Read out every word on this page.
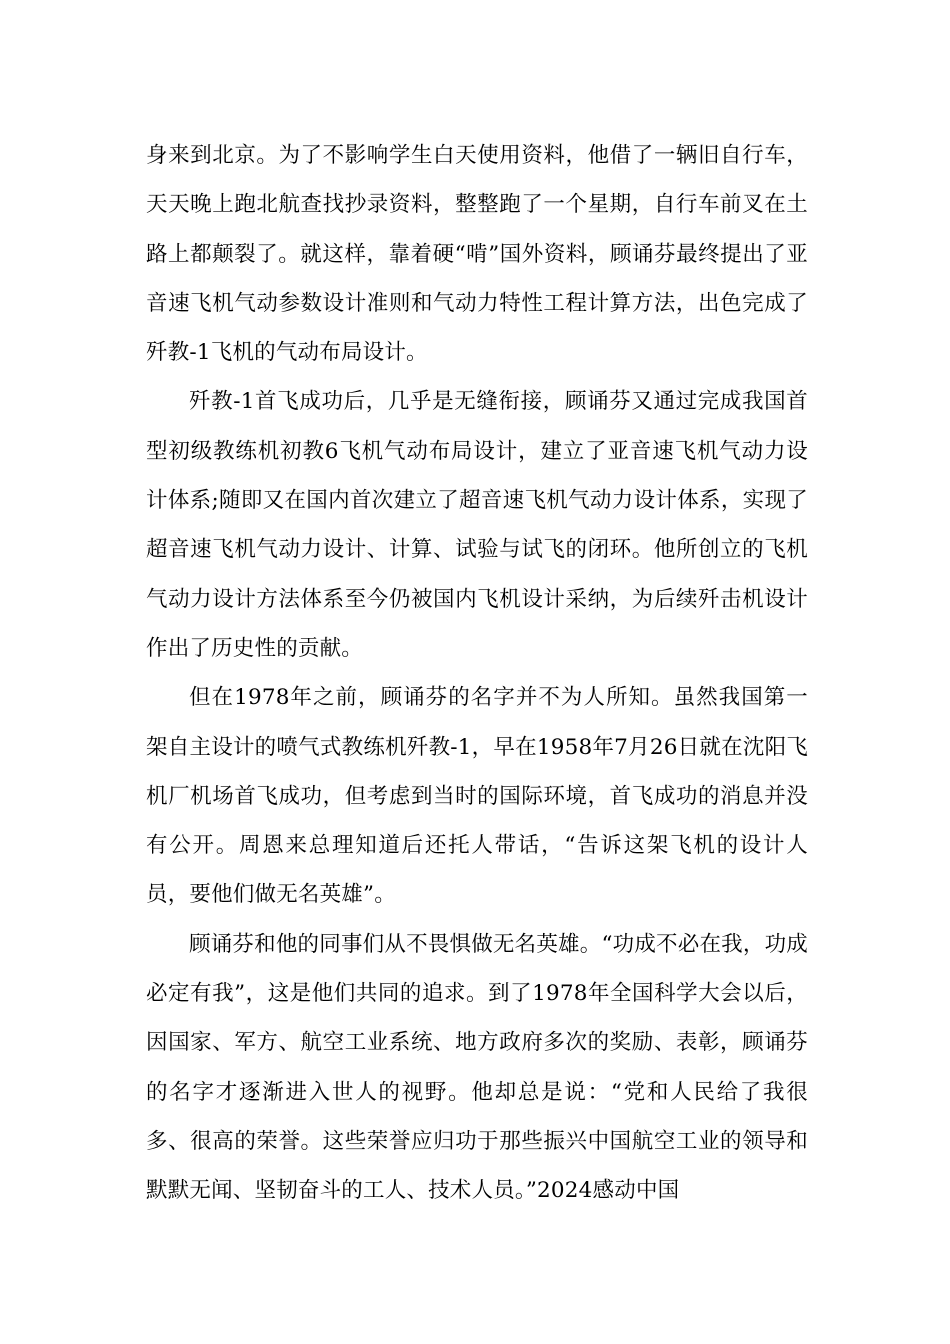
身来到北京。为了不影响学生白天使用资料，他借了一辆旧自行车，天天晚上跑北航查找抄录资料，整整跑了一个星期，自行车前叉在土路上都颠裂了。就这样，靠着硬“啃”国外资料，顾诵芬最终提出了亚音速飞机气动参数设计准则和气动力特性工程计算方法，出色完成了歼教-1飞机的气动布局设计。

歼教-1首飞成功后，几乎是无缝衔接，顾诵芬又通过完成我国首型初级教练机初教6飞机气动布局设计，建立了亚音速飞机气动力设计体系;随即又在国内首次建立了超音速飞机气动力设计体系，实现了超音速飞机气动力设计、计算、试验与试飞的闭环。他所创立的飞机气动力设计方法体系至今仍被国内飞机设计采纳，为后续歼击机设计作出了历史性的贡献。

但在1978年之前，顾诵芬的名字并不为人所知。虽然我国第一架自主设计的喷气式教练机歼教-1，早在1958年7月26日就在沈阳飞机厂机场首飞成功，但考虑到当时的国际环境，首飞成功的消息并没有公开。周恩来总理知道后还托人带话，“告诉这架飞机的设计人员，要他们做无名英雄”。

顾诵芬和他的同事们从不畏惧做无名英雄。“功成不必在我，功成必定有我”，这是他们共同的追求。到了1978年全国科学大会以后，因国家、军方、航空工业系统、地方政府多次的奖励、表彰，顾诵芬的名字才逐渐进入世人的视野。他却总是说：“党和人民给了我很多、很高的荣誉。这些荣誉应归功于那些振兴中国航空工业的领导和默默无闻、坚韧奋斗的工人、技术人员。”2024感动中国
